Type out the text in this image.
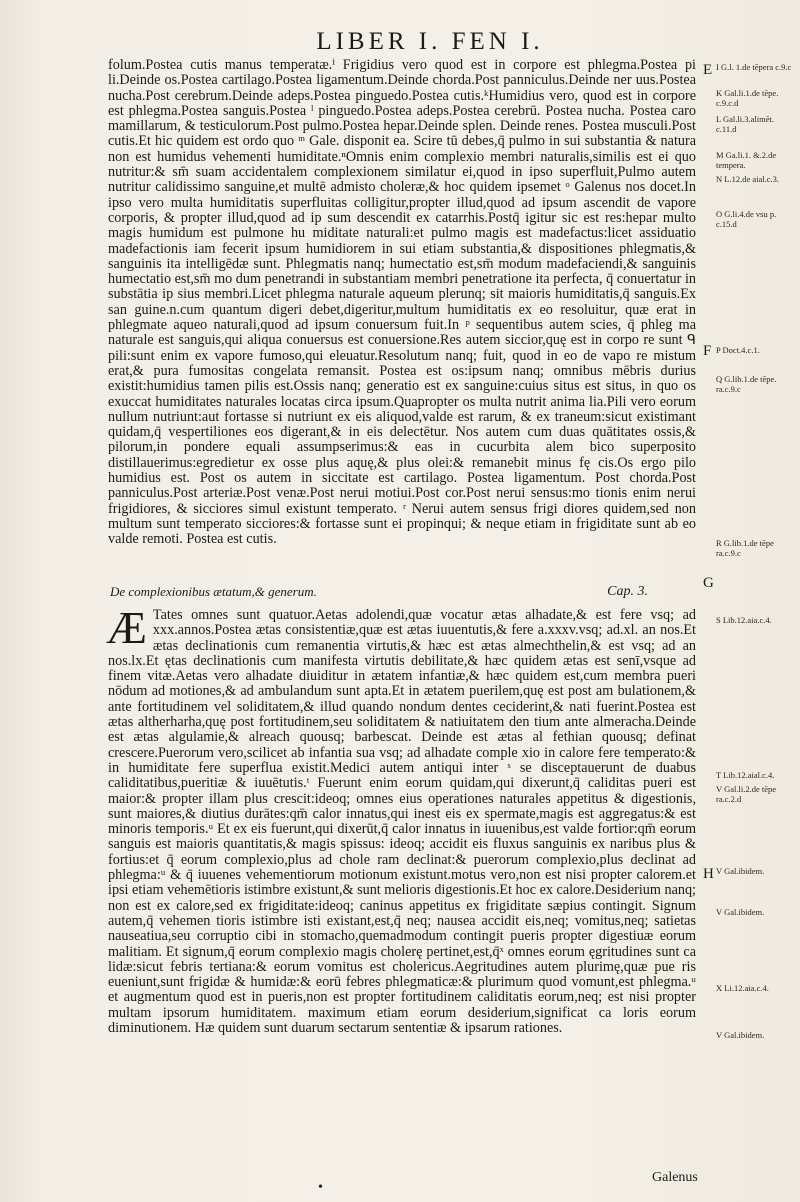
LIBER I. FEN I.

folum.Postea cutis manus temperatæ.ⁱ Frigidius vero quod est in corpore est phlegma.Postea pi li.Deinde os.Postea cartilago.Postea ligamentum.Deinde chorda.Post panniculus.Deinde ner uus.Postea nucha.Post cerebrum.Deinde adeps.Postea pinguedo.Postea cutis.ᵏHumidius vero, quod est in corpore est phlegma.Postea sanguis.Postea ˡ pinguedo.Postea adeps.Postea cerebrū. Postea nucha. Postea caro mamillarum, & testiculorum.Post pulmo.Postea hepar.Deinde splen. Deinde renes. Postea musculi.Post cutis.Et hic quidem est ordo quo ᵐ Gale. disponit ea. Scire tū debes,q̄ pulmo in sui substantia & natura non est humidus vehementi humiditate.ⁿOmnis enim complexio membri naturalis,similis est ei quo nutritur:& sm̄ suam accidentalem complexionem similatur ei,quod in ipso superfluit,Pulmo autem nutritur calidissimo sanguine,et multē admisto choleræ,& hoc quidem ipsemet ᵒ Galenus nos docet.In ipso vero multa humiditatis superfluitas colligitur,propter illud,quod ad ipsum ascendit de vapore corporis, & propter illud,quod ad ip sum descendit ex catarrhis.Postq̄ igitur sic est res:hepar multo magis humidum est pulmone hu miditate naturali:et pulmo magis est madefactus:licet assiduatio madefactionis iam fecerit ipsum humidiorem in sui etiam substantia,& dispositiones phlegmatis,& sanguinis ita intelligēdæ sunt. Phlegmatis nanq; humectatio est,sm̄ modum madefaciendi,& sanguinis humectatio est,sm̄ mo dum penetrandi in substantiam membri penetratione ita perfecta, q̄ conuertatur in substātia ip sius membri.Licet phlegma naturale aqueum plerunq; sit maioris humiditatis,q̄ sanguis.Ex san guine.n.cum quantum digeri debet,digeritur,multum humiditatis ex eo resoluitur, quæ erat in phlegmate aqueo naturali,quod ad ipsum conuersum fuit.In ᵖ sequentibus autem scies, q̄ phleg ma naturale est sanguis,qui aliqua conuersus est conuersione.Res autem siccior,quę est in corpo re sunt ᑫ pili:sunt enim ex vapore fumoso,qui eleuatur.Resolutum nanq; fuit, quod in eo de vapo re mistum erat,& pura fumositas congelata remansit. Postea est os:ipsum nanq; omnibus mēbris durius existit:humidius tamen pilis est.Ossis nanq; generatio est ex sanguine:cuius situs est situs, in quo os exuccat humiditates naturales locatas circa ipsum.Quapropter os multa nutrit anima lia.Pili vero eorum nullum nutriunt:aut fortasse si nutriunt ex eis aliquod,valde est rarum, & ex traneum:sicut existimant quidam,q̄ vespertiliones eos digerant,& in eis delectētur. Nos autem cum duas quātitates ossis,& pilorum,in pondere equali assumpserimus:& eas in cucurbita alem bico superposito distillauerimus:egredietur ex osse plus aquę,& plus olei:& remanebit minus fę cis.Os ergo pilo humidius est. Post os autem in siccitate est cartilago. Postea ligamentum. Post chorda.Post panniculus.Post arteriæ.Post venæ.Post nerui motiui.Post cor.Post nerui sensus:mo tionis enim nerui frigidiores, & sicciores simul existunt temperato. ʳ Nerui autem sensus frigi diores quidem,sed non multum sunt temperato sicciores:& fortasse sunt ei propinqui; & neque etiam in frigiditate sunt ab eo valde remoti. Postea est cutis.

De complexionibus ætatum,& generum.	Cap. 3.
Æ Tates omnes sunt quatuor.Aetas adolendi,quæ vocatur ætas alhadate,& est fere vsq; ad xxx.annos.Postea ætas consistentiæ,quæ est ætas iuuentutis,& fere a.xxxv.vsq; ad.xl. an nos.Et ætas declinationis cum remanentia virtutis,& hæc est ætas almechthelin,& est vsq; ad an nos.lx.Et ętas declinationis cum manifesta virtutis debilitate,& hæc quidem ætas est senī,vsque ad finem vitæ.Aetas vero alhadate diuiditur in ætatem infantiæ,& hæc quidem est,cum membra pueri nōdum ad motiones,& ad ambulandum sunt apta.Et in ætatem puerilem,quę est post am bulationem,& ante fortitudinem vel soliditatem,& illud quando nondum dentes ceciderint,& nati fuerint.Postea est ætas altherharha,quę post fortitudinem,seu soliditatem & natiuitatem den tium ante almeracha.Deinde est ætas algulamie,& alreach quousq; barbescat. Deinde est ætas al fethian quousq; definat crescere.Puerorum vero,scilicet ab infantia sua vsq; ad alhadate comple xio in calore fere temperato:& in humiditate fere superflua existit.Medici autem antiqui inter ˢ se disceptauerunt de duabus caliditatibus,pueritiæ & iuuētutis.ᵗ Fuerunt enim eorum quidam,qui dixerunt,q̄ caliditas pueri est maior:& propter illam plus crescit:ideoq; omnes eius operationes naturales appetitus & digestionis, sunt maiores,& diutius durātes:qm̄ calor innatus,qui inest eis ex spermate,magis est aggregatus:& est minoris temporis.ᵘ Et ex eis fuerunt,qui dixerūt,q̄ calor innatus in iuuenibus,est valde fortior:qm̄ eorum sanguis est maioris quantitatis,& magis spissus: ideoq; accidit eis fluxus sanguinis ex naribus plus & fortius:et q̄ eorum complexio,plus ad chole ram declinat:& puerorum complexio,plus declinat ad phlegma:ᵘ & q̄ iuuenes vehementiorum motionum existunt.motus vero,non est nisi propter calorem.et ipsi etiam vehemētioris istimbre existunt,& sunt melioris digestionis.Et hoc ex calore.Desiderium nanq; non est ex calore,sed ex frigiditate:ideoq; caninus appetitus ex frigiditate sæpius contingit. Signum autem,q̄ vehemen tioris istimbre isti existant,est,q̄ neq; nausea accidit eis,neq; vomitus,neq; satietas nauseatiua,seu corruptio cibi in stomacho,quemadmodum contingit pueris propter digestiuæ eorum malitiam. Et signum,q̄ eorum complexio magis cholerę pertinet,est,q̄ˣ omnes eorum ęgritudines sunt ca lidæ:sicut febris tertiana:& eorum vomitus est cholericus.Aegritudines autem plurimę,quæ pue ris eueniunt,sunt frigidæ & humidæ:& eorū febres phlegmaticæ:& plurimum quod vomunt,est phlegma.ᵘ et augmentum quod est in pueris,non est propter fortitudinem caliditatis eorum,neq; est nisi propter multam ipsorum humiditatem. maximum etiam eorum desiderium,significat ca loris eorum diminutionem. Hæ quidem sunt duarum sectarum sententiæ & ipsarum rationes.

E
F
G
H
I G.l. 1.de tēpera c.9.c
K Gal.li.1.de tēpe. c.9.c.d
L Gal.li.3.alimēt. c.11.d
M Ga.li.1. &.2.de tempera.
N L.12.de aial.c.3.
O G.li.4.de vsu p. c.15.d
P Doct.4.c.1.
Q G.lib.1.de tēpe. ra.c.9.c
R G.lib.1.de tēpe ra.c.9.c
S Lib.12.aia.c.4.
T Lib.12.aial.c.4.
V Gal.li.2.de tēpe ra.c.2.d
V Gal.ibidem.
V Gal.ibidem.
X Li.12.aia.c.4.
V Gal.ibidem.
•
Galenus
